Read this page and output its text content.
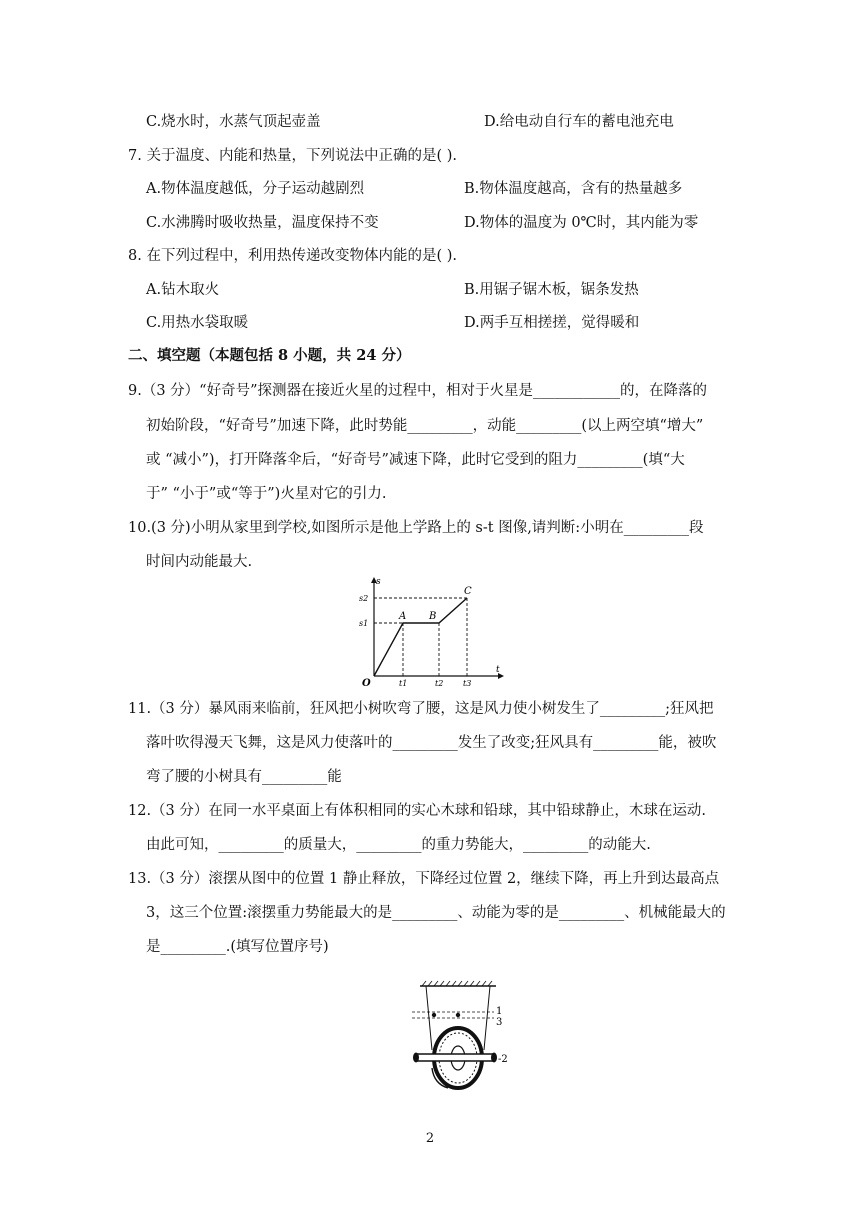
C.烧水时，水蒸气顶起壶盖	D.给电动自行车的蓄电池充电
7. 关于温度、内能和热量，下列说法中正确的是( ).
A.物体温度越低，分子运动越剧烈	B.物体温度越高，含有的热量越多
C.水沸腾时吸收热量，温度保持不变	D.物体的温度为 0℃时，其内能为零
8. 在下列过程中，利用热传递改变物体内能的是( ).
A.钻木取火	B.用锯子锯木板，锯条发热
C.用热水袋取暖	D.两手互相搓搓，觉得暖和
二、填空题（本题包括 8 小题，共 24 分）
9.（3 分）“好奇号”探测器在接近火星的过程中，相对于火星是____________的，在降落的
初始阶段，“好奇号”加速下降，此时势能_________，动能_________(以上两空填“增大”
或 “减小”)，打开降落伞后，“好奇号”减速下降，此时它受到的阻力_________(填“大
于” “小于”或“等于”)火星对它的引力.
10.(3 分)小明从家里到学校,如图所示是他上学路上的 s-t 图像,请判断:小明在_________段
时间内动能最大.
s
t
O
s2
s1
t1	t2 t3
A B
C
11.（3 分）暴风雨来临前，狂风把小树吹弯了腰，这是风力使小树发生了_________;狂风把
落叶吹得漫天飞舞，这是风力使落叶的_________发生了改变;狂风具有_________能，被吹
弯了腰的小树具有_________能
12.（3 分）在同一水平桌面上有体积相同的实心木球和铅球，其中铅球静止，木球在运动.
由此可知，_________的质量大，_________的重力势能大，_________的动能大.
13.（3 分）滚摆从图中的位置 1 静止释放，下降经过位置 2，继续下降，再上升到达最高点
3，这三个位置:滚摆重力势能最大的是_________、动能为零的是_________、机械能最大的
是_________.(填写位置序号)
1
3
-2
2
